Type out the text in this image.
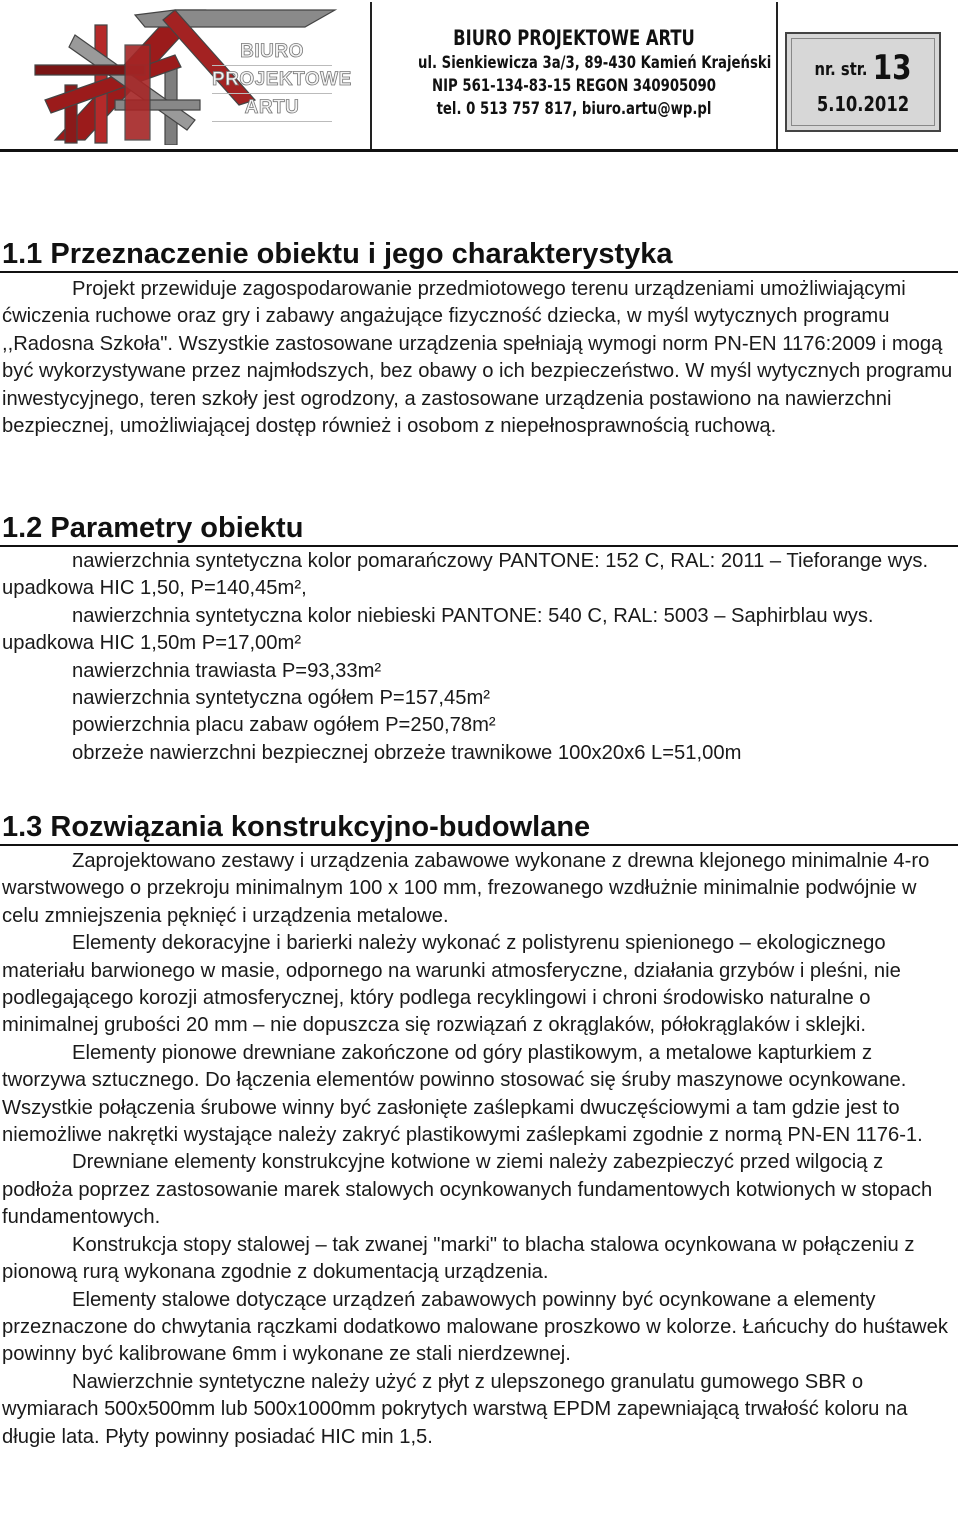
BIURO
PROJEKTOWE
ARTU
BIURO PROJEKTOWE ARTU
ul. Sienkiewicza 3a/3, 89-430 Kamień Krajeński
NIP 561-134-83-15 REGON 340905090
tel. 0 513 757 817, biuro.artu@wp.pl
nr. str. 13
5.10.2012
1.1 Przeznaczenie obiektu i jego charakterystyka

Projekt przewiduje zagospodarowanie przedmiotowego terenu urządzeniami umożliwiającymi ćwiczenia ruchowe oraz gry i zabawy angażujące fizyczność dziecka, w myśl wytycznych programu ,,Radosna Szkoła". Wszystkie zastosowane urządzenia spełniają wymogi norm PN-EN 1176:2009 i mogą być wykorzystywane przez najmłodszych, bez obawy o ich bezpieczeństwo. W myśl wytycznych programu inwestycyjnego, teren szkoły jest ogrodzony, a zastosowane urządzenia postawiono na nawierzchni bezpiecznej, umożliwiającej dostęp również i osobom z niepełnosprawnością ruchową.

1.2 Parametry obiektu
nawierzchnia syntetyczna kolor pomarańczowy PANTONE: 152 C, RAL: 2011 – Tieforange wys. upadkowa HIC 1,50, P=140,45m²,
nawierzchnia syntetyczna kolor niebieski PANTONE: 540 C, RAL: 5003 – Saphirblau wys. upadkowa HIC 1,50m P=17,00m²
nawierzchnia trawiasta P=93,33m²
nawierzchnia syntetyczna ogółem P=157,45m²
powierzchnia placu zabaw ogółem P=250,78m²
obrzeże nawierzchni bezpiecznej obrzeże trawnikowe 100x20x6 L=51,00m
1.3 Rozwiązania konstrukcyjno-budowlane

Zaprojektowano zestawy i urządzenia zabawowe wykonane z drewna klejonego minimalnie 4-ro warstwowego o przekroju minimalnym 100 x 100 mm, frezowanego wzdłużnie minimalnie podwójnie w celu zmniejszenia pęknięć i urządzenia metalowe.

Elementy dekoracyjne i barierki należy wykonać z polistyrenu spienionego – ekologicznego materiału barwionego w masie, odpornego na warunki atmosferyczne, działania grzybów i pleśni, nie podlegającego korozji atmosferycznej, który podlega recyklingowi i chroni środowisko naturalne o minimalnej grubości 20 mm – nie dopuszcza się rozwiązań z okrąglaków, półokrąglaków i sklejki.

Elementy pionowe drewniane zakończone od góry plastikowym, a metalowe kapturkiem z tworzywa sztucznego. Do łączenia elementów powinno stosować się śruby maszynowe ocynkowane. Wszystkie połączenia śrubowe winny być zasłonięte zaślepkami dwuczęściowymi a tam gdzie jest to niemożliwe nakrętki wystające należy zakryć plastikowymi zaślepkami zgodnie z normą PN-EN 1176-1.

Drewniane elementy konstrukcyjne kotwione w ziemi należy zabezpieczyć przed wilgocią z podłoża poprzez zastosowanie marek stalowych ocynkowanych fundamentowych kotwionych w stopach fundamentowych.

Konstrukcja stopy stalowej – tak zwanej "marki" to blacha stalowa ocynkowana w połączeniu z pionową rurą wykonana zgodnie z dokumentacją urządzenia.

Elementy stalowe dotyczące urządzeń zabawowych powinny być ocynkowane a elementy przeznaczone do chwytania rączkami dodatkowo malowane proszkowo w kolorze. Łańcuchy do huśtawek powinny być kalibrowane 6mm i wykonane ze stali nierdzewnej.

Nawierzchnie syntetyczne należy użyć z płyt z ulepszonego granulatu gumowego SBR o wymiarach 500x500mm lub 500x1000mm pokrytych warstwą EPDM zapewniającą trwałość koloru na długie lata. Płyty powinny posiadać HIC min 1,5.
